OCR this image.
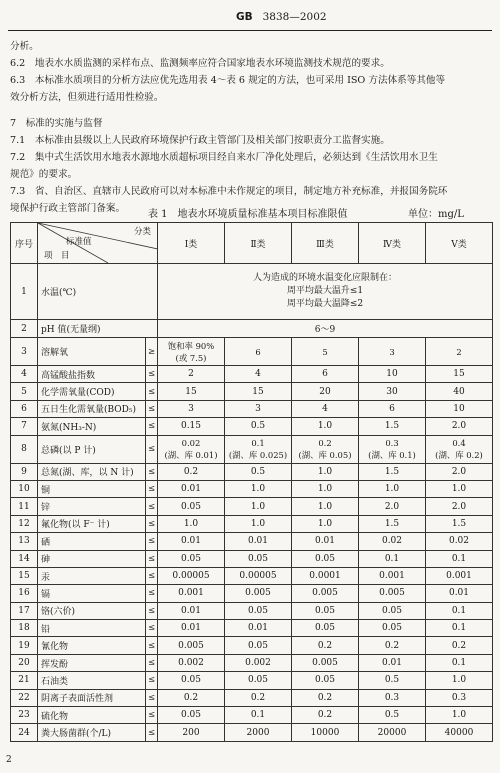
GB 3838—2002

分析。

6.2　地表水水质监测的采样布点、监测频率应符合国家地表水环境监测技术规范的要求。

6.3　本标准水质项目的分析方法应优先选用表 4～表 6 规定的方法，也可采用 ISO 方法体系等其他等

效分析方法，但须进行适用性检验。

7　标准的实施与监督

7.1　本标准由县级以上人民政府环境保护行政主管部门及相关部门按职责分工监督实施。

7.2　集中式生活饮用水地表水源地水质超标项目经自来水厂净化处理后，必须达到《生活饮用水卫生

规范》的要求。

7.3　省、自治区、直辖市人民政府可以对本标准中未作规定的项目，制定地方补充标准，并报国务院环

境保护行政主管部门备案。

表 1　地表水环境质量标准基本项目标准限值	单位：mg/L
序号	分类
标准值
项　目		Ⅰ类	Ⅱ类	Ⅲ类	Ⅳ类	Ⅴ类
1	水温(℃)		人为造成的环境水温变化应限制在：
周平均最大温升≤1
周平均最大温降≤2				

2	pH 值(无量纲)		6～9				
3	溶解氧	≥	饱和率 90%
(或 7.5)	6	5	3	2
4	高锰酸盐指数	≤	2	4	6	10	15
5	化学需氧量(COD)	≤	15	15	20	30	40
6	五日生化需氧量(BOD₅)	≤	3	3	4	6	10
7	氨氮(NH₃-N)	≤	0.15	0.5	1.0	1.5	2.0
8	总磷(以 P 计)	≤	0.02
(湖、库 0.01)	0.1
(湖、库 0.025)	0.2
(湖、库 0.05)	0.3
(湖、库 0.1)	0.4
(湖、库 0.2)
9	总氮(湖、库，以 N 计)	≤	0.2	0.5	1.0	1.5	2.0
10	铜	≤	0.01	1.0	1.0	1.0	1.0
11	锌	≤	0.05	1.0	1.0	2.0	2.0
12	氟化物(以 F⁻ 计)	≤	1.0	1.0	1.0	1.5	1.5
13	硒	≤	0.01	0.01	0.01	0.02	0.02
14	砷	≤	0.05	0.05	0.05	0.1	0.1
15	汞	≤	0.00005	0.00005	0.0001	0.001	0.001
16	镉	≤	0.001	0.005	0.005	0.005	0.01
17	铬(六价)	≤	0.01	0.05	0.05	0.05	0.1
18	铅	≤	0.01	0.01	0.05	0.05	0.1
19	氰化物	≤	0.005	0.05	0.2	0.2	0.2
20	挥发酚	≤	0.002	0.002	0.005	0.01	0.1
21	石油类	≤	0.05	0.05	0.05	0.5	1.0
22	阴离子表面活性剂	≤	0.2	0.2	0.2	0.3	0.3
23	硫化物	≤	0.05	0.1	0.2	0.5	1.0
24	粪大肠菌群(个/L)	≤	200	2000	10000	20000	40000
2
